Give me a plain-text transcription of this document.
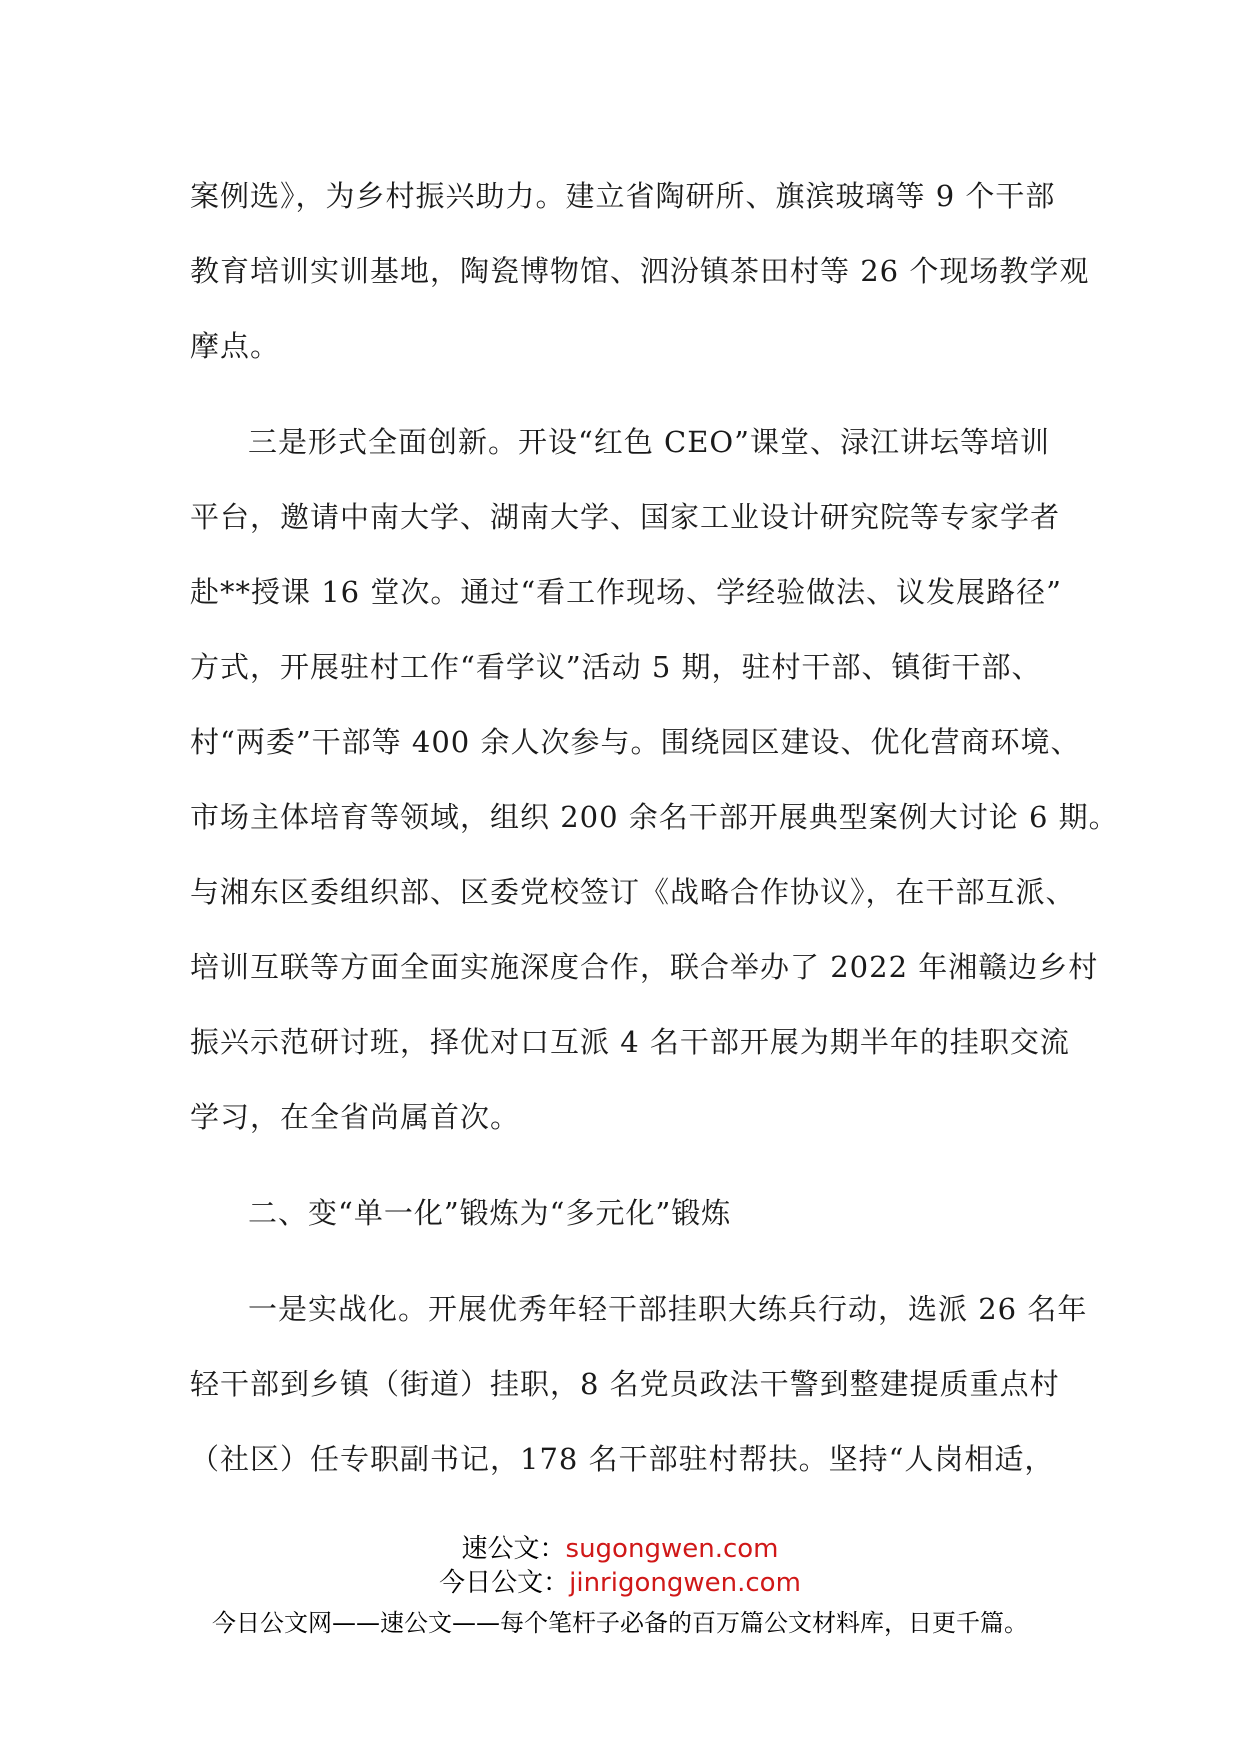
案例选》，为乡村振兴助力。建立省陶研所、旗滨玻璃等 9 个干部
教育培训实训基地，陶瓷博物馆、泗汾镇茶田村等 26 个现场教学观
摩点。
三是形式全面创新。开设“红色 CEO”课堂、渌江讲坛等培训
平台，邀请中南大学、湖南大学、国家工业设计研究院等专家学者
赴**授课 16 堂次。通过“看工作现场、学经验做法、议发展路径”
方式，开展驻村工作“看学议”活动 5 期，驻村干部、镇街干部、
村“两委”干部等 400 余人次参与。围绕园区建设、优化营商环境、
市场主体培育等领域，组织 200 余名干部开展典型案例大讨论 6 期。
与湘东区委组织部、区委党校签订《战略合作协议》，在干部互派、
培训互联等方面全面实施深度合作，联合举办了 2022 年湘赣边乡村
振兴示范研讨班，择优对口互派 4 名干部开展为期半年的挂职交流
学习，在全省尚属首次。
二、变“单一化”锻炼为“多元化”锻炼
一是实战化。开展优秀年轻干部挂职大练兵行动，选派 26 名年
轻干部到乡镇（街道）挂职，8 名党员政法干警到整建提质重点村
（社区）任专职副书记，178 名干部驻村帮扶。坚持“人岗相适，
速公文：sugongwen.com
今日公文：jinrigongwen.com
今日公文网——速公文——每个笔杆子必备的百万篇公文材料库，日更千篇。
